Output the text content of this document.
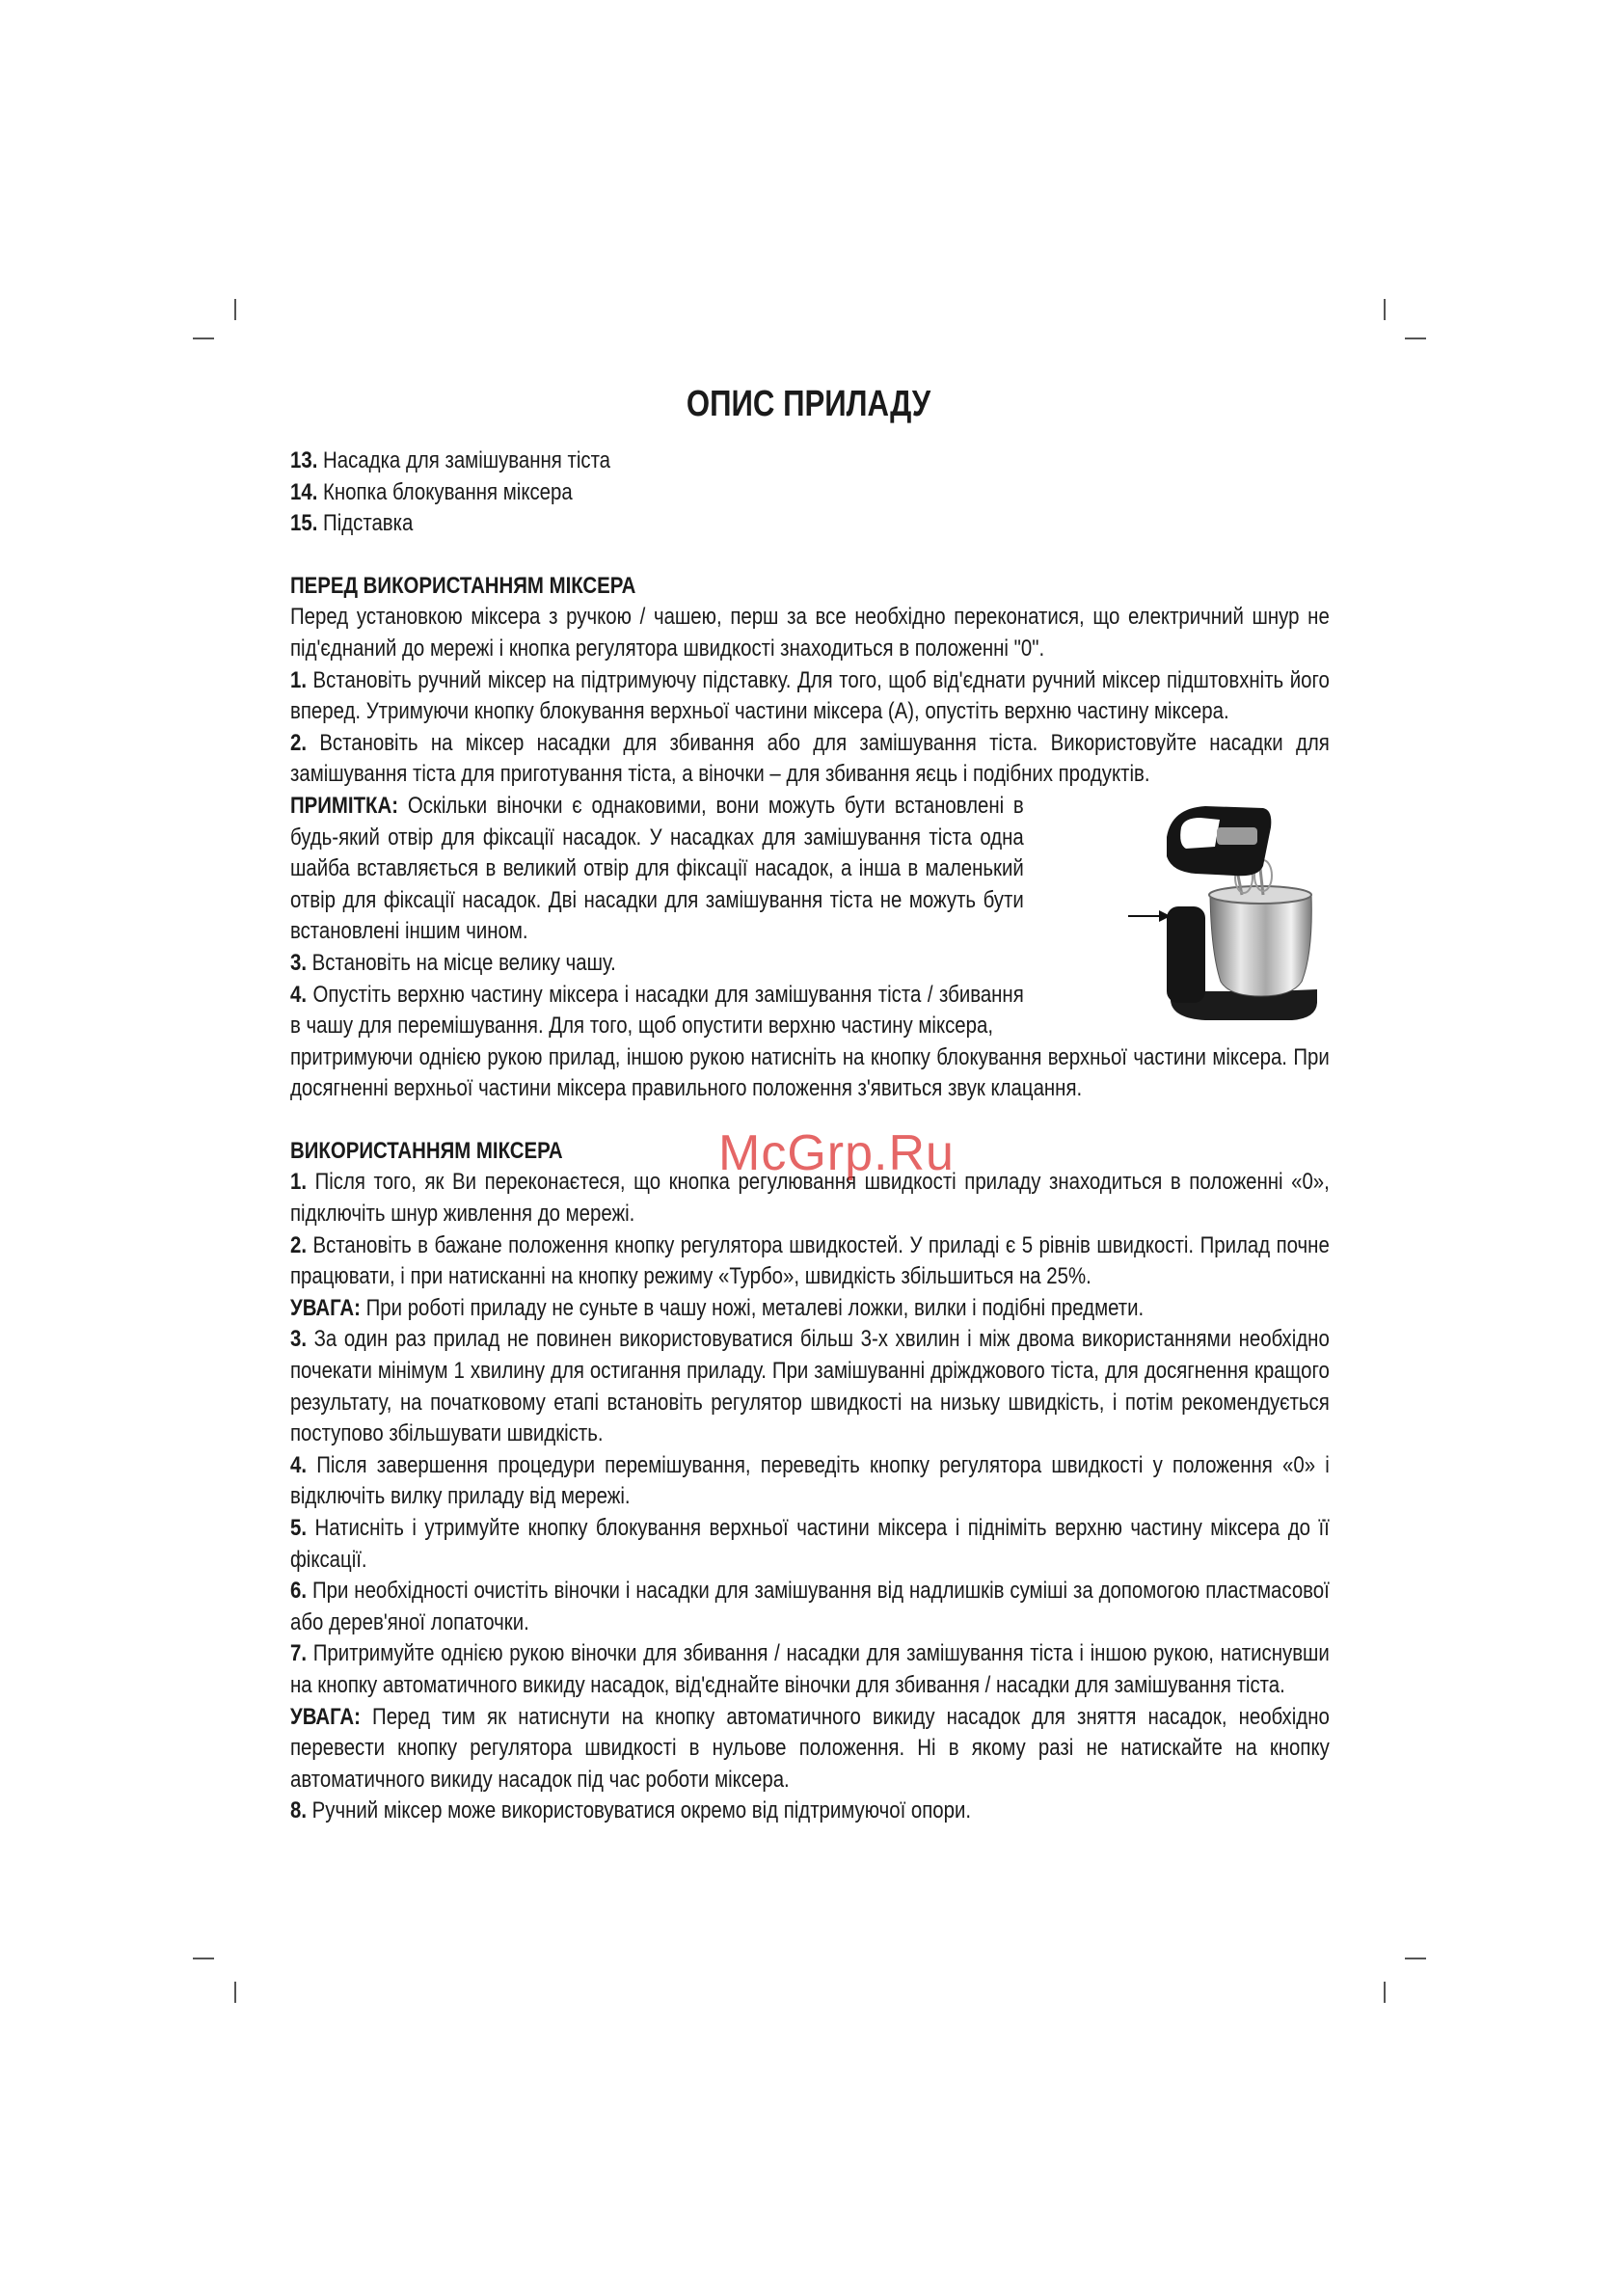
ОПИС ПРИЛАДУ

13. Насадка для замішування тіста

14. Кнопка блокування міксера

15. Підставка

ПЕРЕД ВИКОРИСТАННЯМ МІКСЕРА

Перед установкою міксера з ручкою / чашею, перш за все необхідно переконатися, що електричний шнур не під'єднаний до мережі і кнопка регулятора швидкості знаходиться в положенні "0".

1. Встановіть ручний міксер на підтримуючу підставку. Для того, щоб від'єднати ручний міксер підштовхніть його вперед. Утримуючи кнопку блокування верхньої частини міксера (А), опустіть верхню частину міксера.

2. Встановіть на міксер насадки для збивання або для замішування тіста. Використовуйте насадки для замішування тіста для приготування тіста, а віночки – для збивання яєць і подібних продуктів.

ПРИМІТКА: Оскільки віночки є однаковими, вони можуть бути встановлені в будь-який отвір для фіксації насадок. У насадках для замішування тіста одна шайба вставляється в великий отвір для фіксації насадок, а інша в маленький отвір для фіксації насадок. Дві насадки для замішування тіста не можуть бути встановлені іншим чином.

3. Встановіть на місце велику чашу.

4. Опустіть верхню частину міксера і насадки для замішування тіста / збивання в чашу для перемішування. Для того, щоб опустити верхню частину міксера,

притримуючи однією рукою прилад, іншою рукою натисніть на кнопку блокування верхньої частини міксера. При досягненні верхньої частини міксера правильного положення з'явиться звук клацання.

ВИКОРИСТАННЯМ МІКСЕРА

1. Після того, як Ви переконаєтеся, що кнопка регулювання швидкості приладу знаходиться в положенні «0», підключіть шнур живлення до мережі.

2. Встановіть в бажане положення кнопку регулятора швидкостей. У приладі є 5 рівнів швидкості. Прилад почне працювати, і при натисканні на кнопку режиму «Турбо», швидкість збільшиться на 25%.

УВАГА: При роботі приладу не суньте в чашу ножі, металеві ложки, вилки і подібні предмети.

3. За один раз прилад не повинен використовуватися більш 3-х хвилин і між двома використаннями необхідно почекати мінімум 1 хвилину для остигання приладу. При замішуванні дріжджового тіста, для досягнення кращого результату, на початковому етапі встановіть регулятор швидкості на низьку швидкість, і потім рекомендується поступово збільшувати швидкість.

4. Після завершення процедури перемішування, переведіть кнопку регулятора швидкості у положення «0» і відключіть вилку приладу від мережі.

5. Натисніть і утримуйте кнопку блокування верхньої частини міксера і підніміть верхню частину міксера до її фіксації.

6. При необхідності очистіть віночки і насадки для замішування від надлишків суміші за допомогою пластмасової або дерев'яної лопаточки.

7. Притримуйте однією рукою віночки для збивання / насадки для замішування тіста і іншою рукою, натиснувши на кнопку автоматичного викиду насадок, від'єднайте віночки для збивання / насадки для замішування тіста.

УВАГА: Перед тим як натиснути на кнопку автоматичного викиду насадок для зняття насадок, необхідно перевести кнопку регулятора швидкості в нульове положення. Ні в якому разі не натискайте на кнопку автоматичного викиду насадок під час роботи міксера.

8. Ручний міксер може використовуватися окремо від підтримуючої опори.

McGrp.Ru
